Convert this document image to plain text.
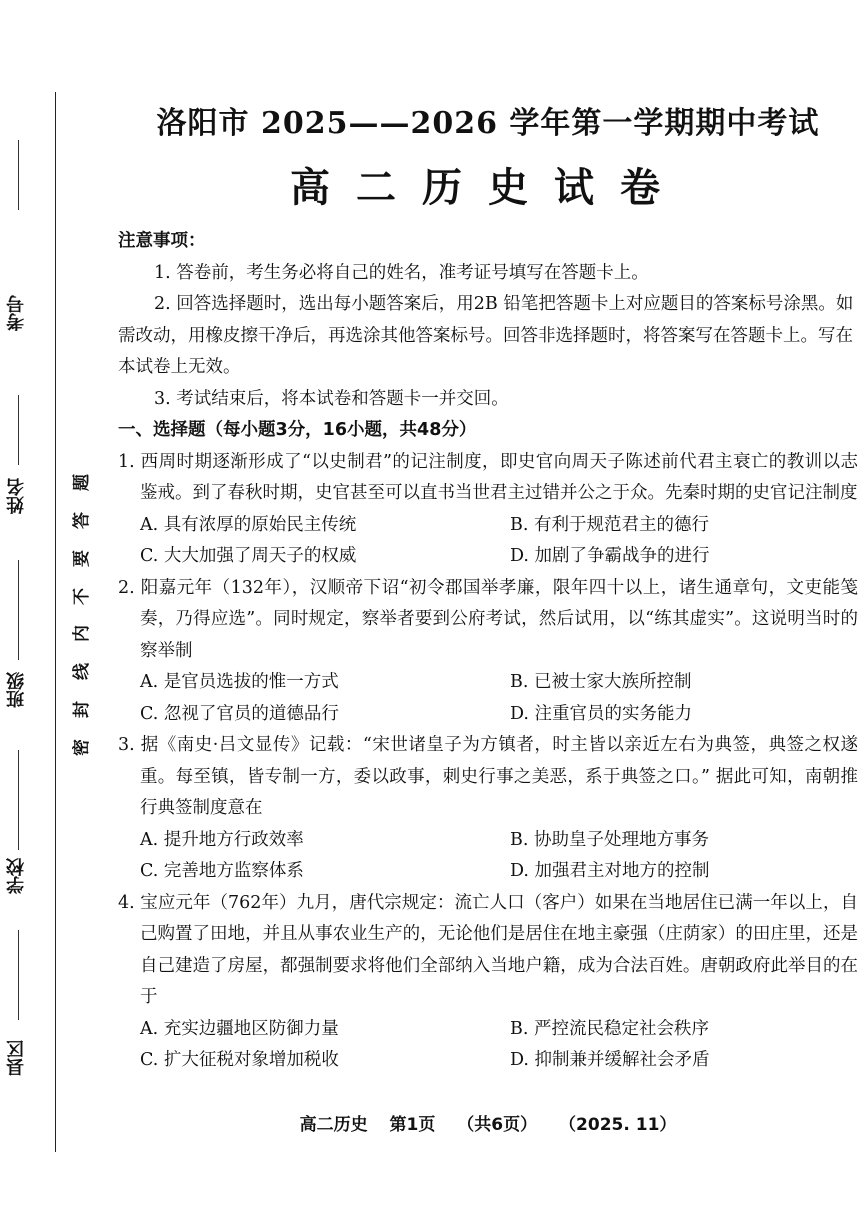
考号
姓名
班级
学校
县区
密
封
线
内
不
要
答
题
洛阳市 2025——2026 学年第一学期期中考试
高二历史试卷
注意事项：

1. 答卷前，考生务必将自己的姓名，准考证号填写在答题卡上。

2. 回答选择题时，选出每小题答案后，用2B 铅笔把答题卡上对应题目的答案标号涂黑。如需改动，用橡皮擦干净后，再选涂其他答案标号。回答非选择题时，将答案写在答题卡上。写在本试卷上无效。

3. 考试结束后，将本试卷和答题卡一并交回。

一、选择题（每小题3分，16小题，共48分）

1. 西周时期逐渐形成了“以史制君”的记注制度，即史官向周天子陈述前代君主衰亡的教训以志鉴戒。到了春秋时期，史官甚至可以直书当世君主过错并公之于众。先秦时期的史官记注制度

A. 具有浓厚的原始民主传统	B. 有利于规范君主的德行
C. 大大加强了周天子的权威	D. 加剧了争霸战争的进行

2. 阳嘉元年（132年），汉顺帝下诏“初令郡国举孝廉，限年四十以上，诸生通章句，文吏能笺奏，乃得应选”。同时规定，察举者要到公府考试，然后试用，以“练其虚实”。这说明当时的察举制

A. 是官员选拔的惟一方式	B. 已被士家大族所控制
C. 忽视了官员的道德品行	D. 注重官员的实务能力

3. 据《南史·吕文显传》记载：“宋世诸皇子为方镇者，时主皆以亲近左右为典签，典签之权遂重。每至镇，皆专制一方，委以政事，刺史行事之美恶，系于典签之口。” 据此可知，南朝推行典签制度意在

A. 提升地方行政效率	B. 协助皇子处理地方事务
C. 完善地方监察体系	D. 加强君主对地方的控制

4. 宝应元年（762年）九月，唐代宗规定：流亡人口（客户）如果在当地居住已满一年以上，自己购置了田地，并且从事农业生产的，无论他们是居住在地主豪强（庄荫家）的田庄里，还是自己建造了房屋，都强制要求将他们全部纳入当地户籍，成为合法百姓。唐朝政府此举目的在于

A. 充实边疆地区防御力量	B. 严控流民稳定社会秩序
C. 扩大征税对象增加税收	D. 抑制兼并缓解社会矛盾
高二历史 第1页 （共6页） （2025. 11）
